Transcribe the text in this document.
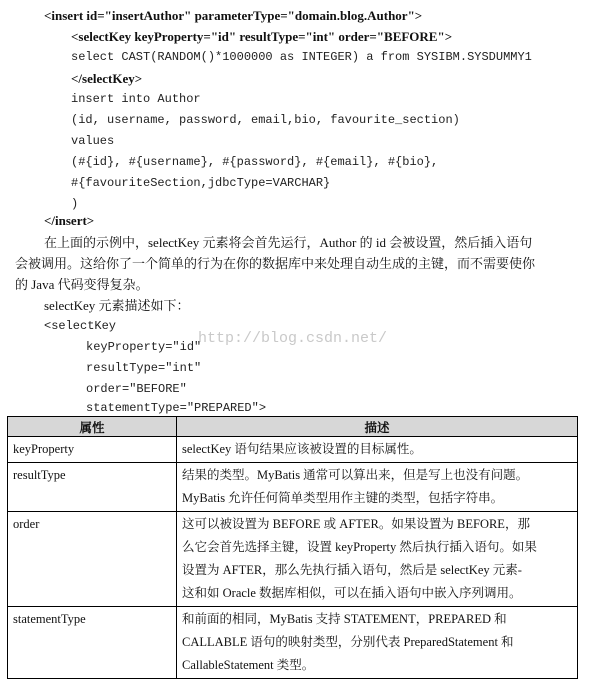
<insert id="insertAuthor" parameterType="domain.blog.Author">
<selectKey keyProperty="id" resultType="int" order="BEFORE">
select CAST(RANDOM()*1000000 as INTEGER) a from SYSIBM.SYSDUMMY1
</selectKey>
insert into Author
(id, username, password, email,bio, favourite_section)
values
(#{id}, #{username}, #{password}, #{email}, #{bio},
#{favouriteSection,jdbcType=VARCHAR}
)
</insert>
在上面的示例中，selectKey 元素将会首先运行，Author 的 id 会被设置，然后插入语句
会被调用。这给你了一个简单的行为在你的数据库中来处理自动生成的主键，而不需要使你
的 Java 代码变得复杂。
selectKey 元素描述如下：
<selectKey
keyProperty="id"
resultType="int"
order="BEFORE"
statementType="PREPARED">
http://blog.csdn.net/
属性	描述
keyProperty	selectKey 语句结果应该被设置的目标属性。

resultType	结果的类型。MyBatis 通常可以算出来，但是写上也没有问题。
MyBatis 允许任何简单类型用作主键的类型，包括字符串。

order	这可以被设置为 BEFORE 或 AFTER。如果设置为 BEFORE，那
么它会首先选择主键，设置 keyProperty 然后执行插入语句。如果
设置为 AFTER，那么先执行插入语句，然后是 selectKey 元素-
这和如 Oracle 数据库相似，可以在插入语句中嵌入序列调用。

statementType	和前面的相同，MyBatis 支持 STATEMENT，PREPARED 和
CALLABLE 语句的映射类型，分别代表 PreparedStatement 和
CallableStatement 类型。
